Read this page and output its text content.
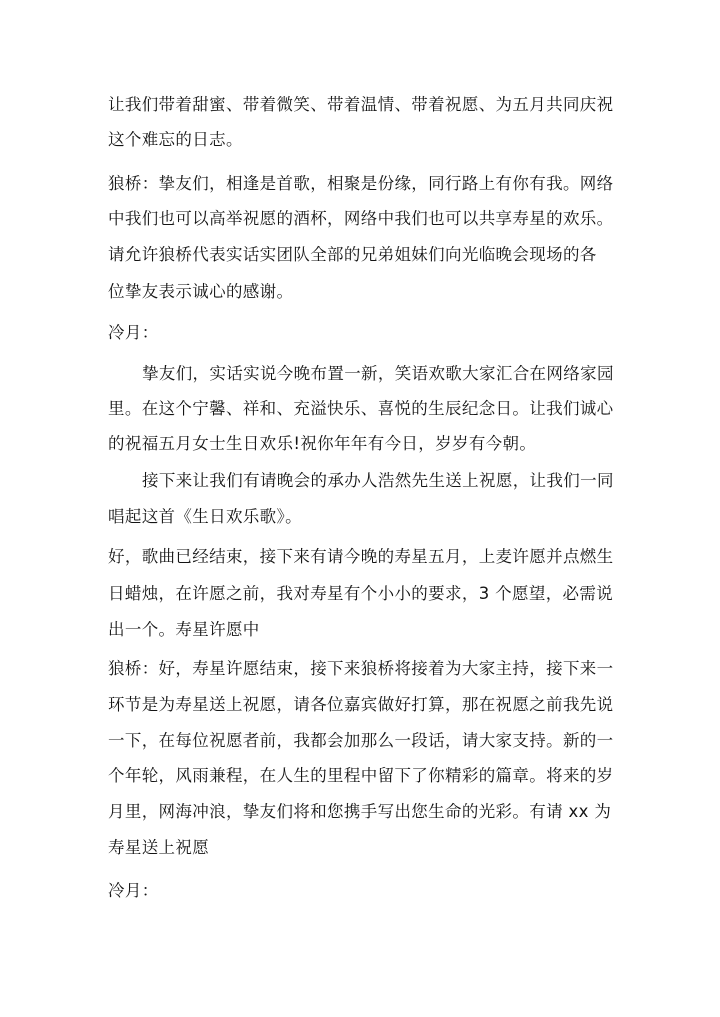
让我们带着甜蜜、带着微笑、带着温情、带着祝愿、为五月共同庆祝

这个难忘的日志。

狼桥：挚友们，相逢是首歌，相聚是份缘，同行路上有你有我。网络

中我们也可以高举祝愿的酒杯，网络中我们也可以共享寿星的欢乐。

请允许狼桥代表实话实团队全部的兄弟姐妹们向光临晚会现场的各

位挚友表示诚心的感谢。

冷月：

挚友们，实话实说今晚布置一新，笑语欢歌大家汇合在网络家园

里。在这个宁馨、祥和、充溢快乐、喜悦的生辰纪念日。让我们诚心

的祝福五月女士生日欢乐!祝你年年有今日，岁岁有今朝。

接下来让我们有请晚会的承办人浩然先生送上祝愿，让我们一同

唱起这首《生日欢乐歌》。

好，歌曲已经结束，接下来有请今晚的寿星五月，上麦许愿并点燃生

日蜡烛，在许愿之前，我对寿星有个小小的要求，3 个愿望，必需说

出一个。寿星许愿中

狼桥：好，寿星许愿结束，接下来狼桥将接着为大家主持，接下来一

环节是为寿星送上祝愿，请各位嘉宾做好打算，那在祝愿之前我先说

一下，在每位祝愿者前，我都会加那么一段话，请大家支持。新的一

个年轮，风雨兼程，在人生的里程中留下了你精彩的篇章。将来的岁

月里，网海冲浪，挚友们将和您携手写出您生命的光彩。有请 xx 为

寿星送上祝愿

冷月：
